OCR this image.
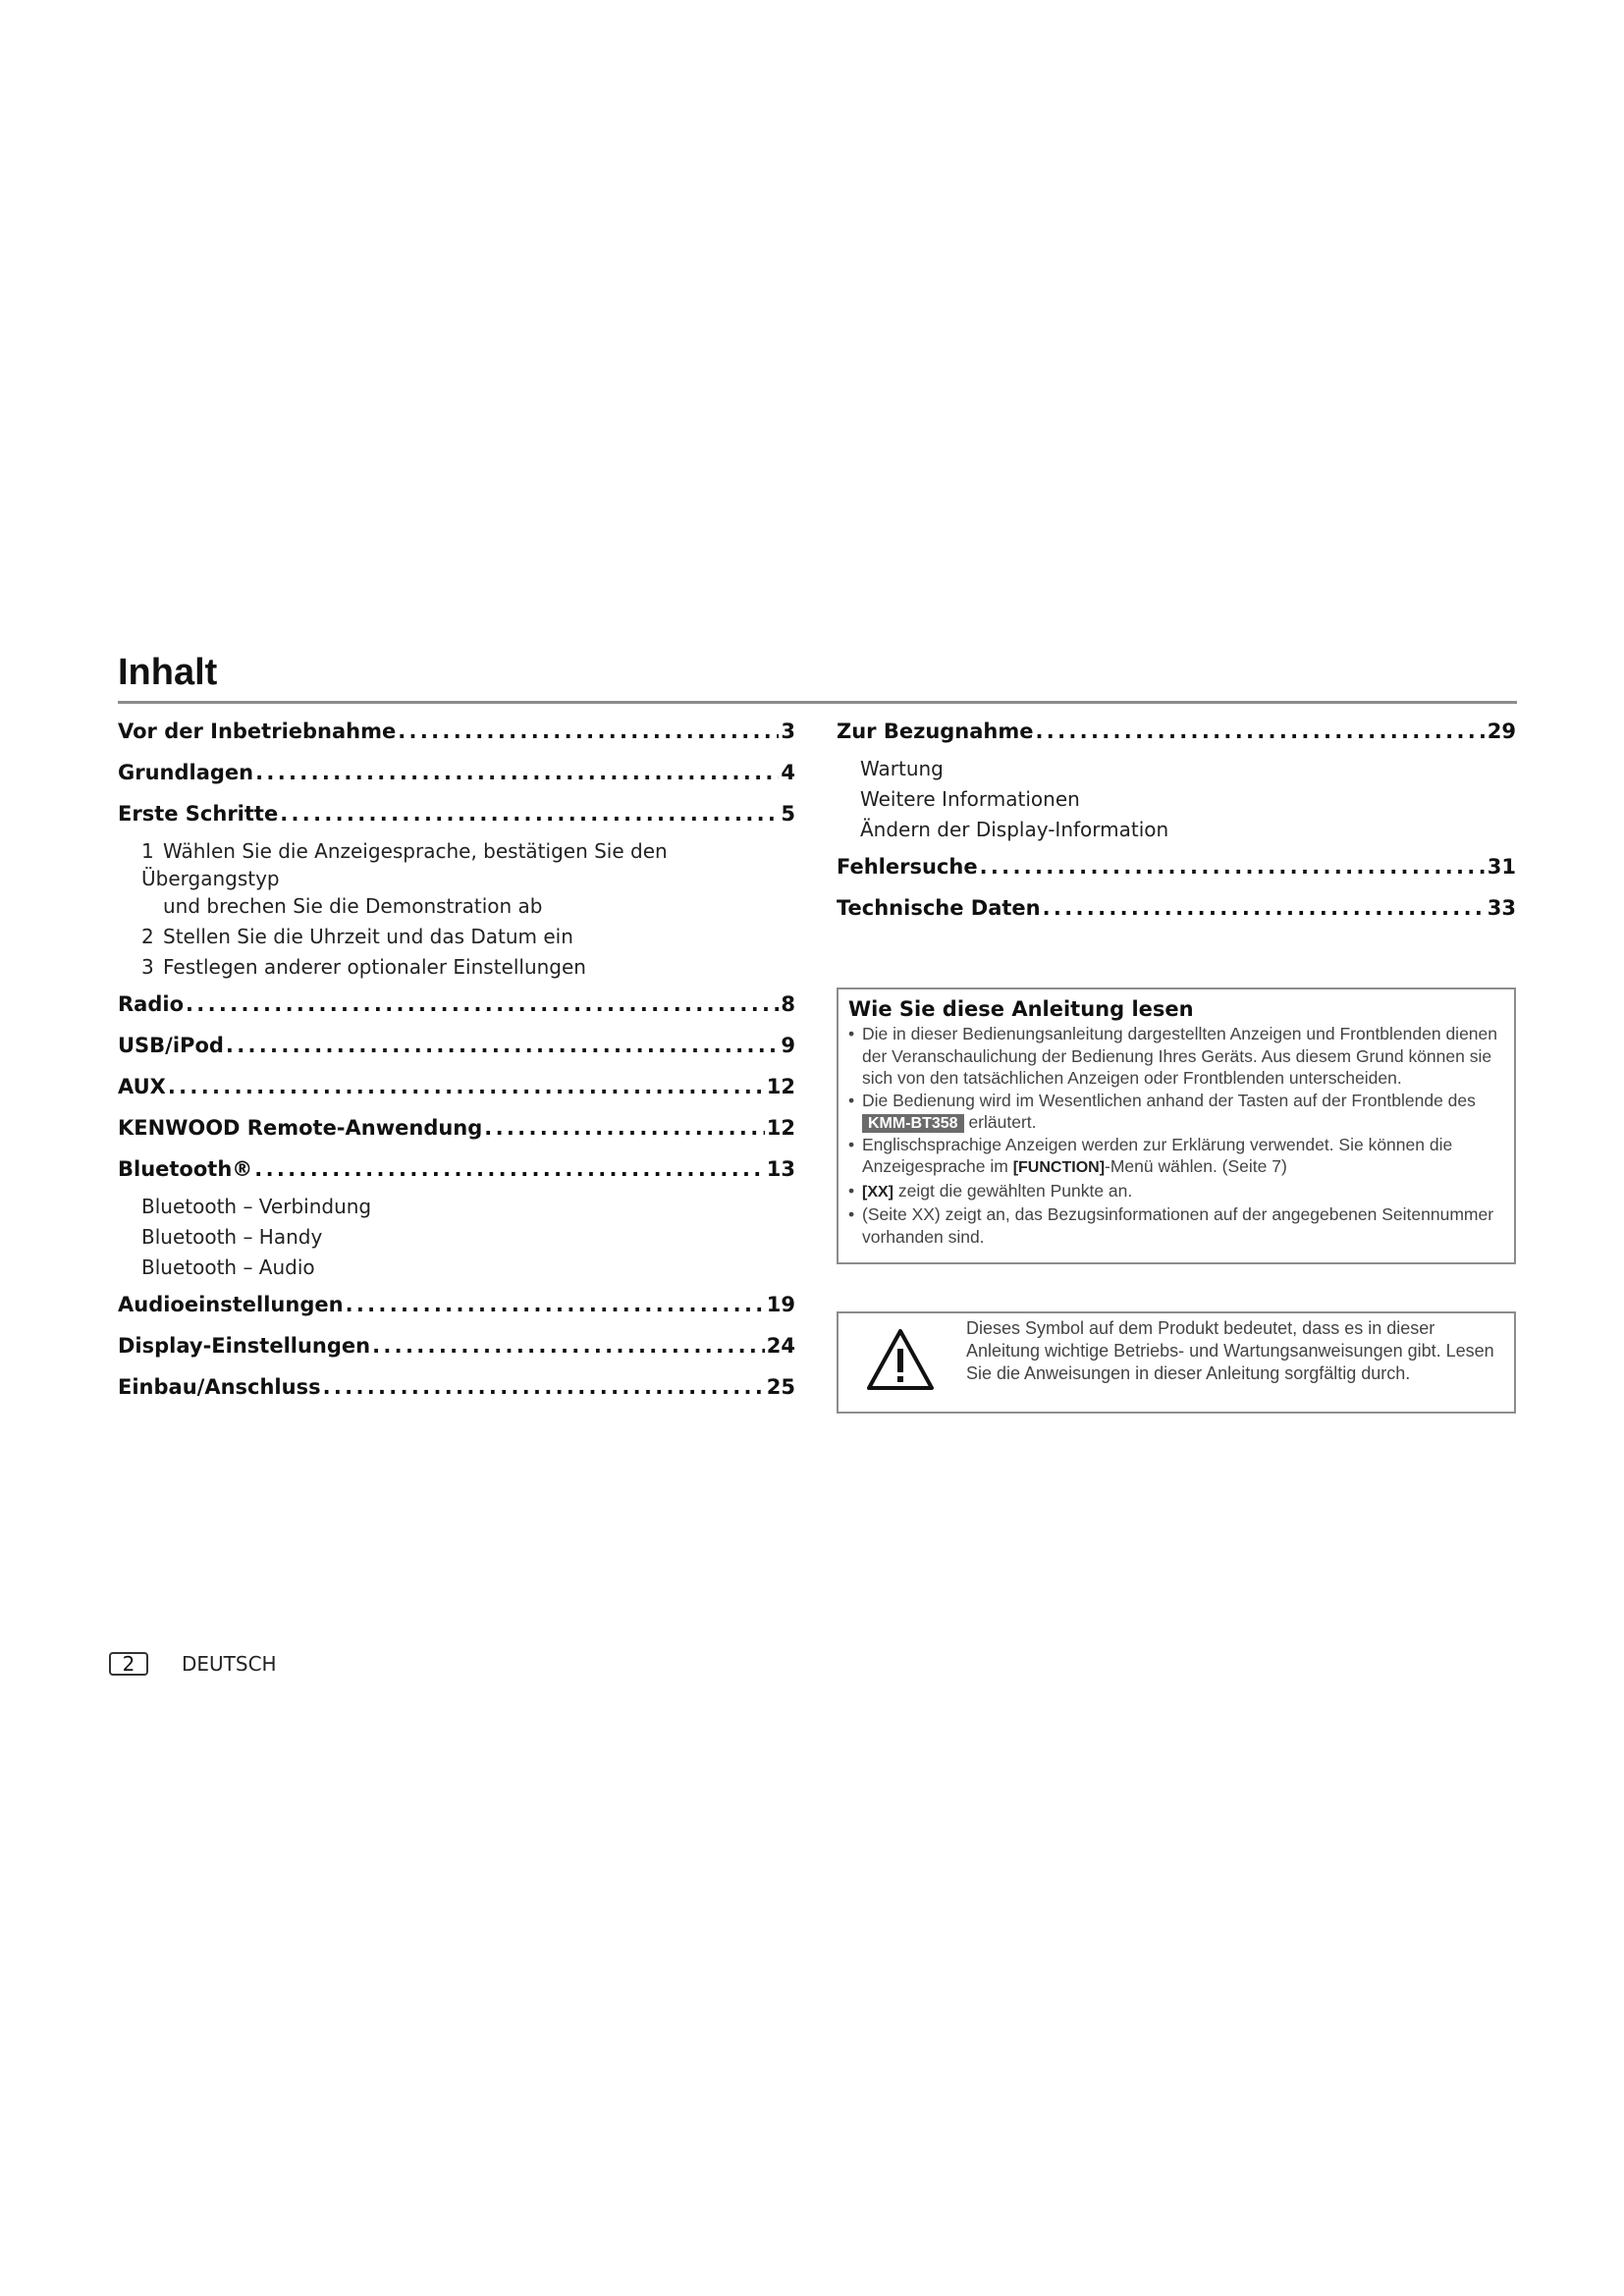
Inhalt
Vor der Inbetriebnahme . . .	3
Grundlagen . . .	4
Erste Schritte . . .	5
1 Wählen Sie die Anzeigesprache, bestätigen Sie den Übergangstyp
und brechen Sie die Demonstration ab
2 Stellen Sie die Uhrzeit und das Datum ein
3 Festlegen anderer optionaler Einstellungen
Radio . . .	8
USB/iPod . . .	9
AUX . . .	12
KENWOOD Remote-Anwendung . . .	12
Bluetooth® . . .	13
Bluetooth – Verbindung
Bluetooth – Handy
Bluetooth – Audio
Audioeinstellungen . . .	19
Display-Einstellungen . . .	24
Einbau/Anschluss . . .	25
Zur Bezugnahme . . .	29
Wartung
Weitere Informationen
Ändern der Display-Information
Fehlersuche . . .	31
Technische Daten . . .	33
Wie Sie diese Anleitung lesen
• Die in dieser Bedienungsanleitung dargestellten Anzeigen und Frontblenden dienen der Veranschaulichung der Bedienung Ihres Geräts. Aus diesem Grund können sie sich von den tatsächlichen Anzeigen oder Frontblenden unterscheiden.
• Die Bedienung wird im Wesentlichen anhand der Tasten auf der Frontblende des KMM-BT358 erläutert.
• Englischsprachige Anzeigen werden zur Erklärung verwendet. Sie können die Anzeigesprache im [FUNCTION]-Menü wählen. (Seite 7)
• [XX] zeigt die gewählten Punkte an.
• (Seite XX) zeigt an, das Bezugsinformationen auf der angegebenen Seitennummer vorhanden sind.
Dieses Symbol auf dem Produkt bedeutet, dass es in dieser Anleitung wichtige Betriebs- und Wartungsanweisungen gibt. Lesen Sie die Anweisungen in dieser Anleitung sorgfältig durch.
2	DEUTSCH
